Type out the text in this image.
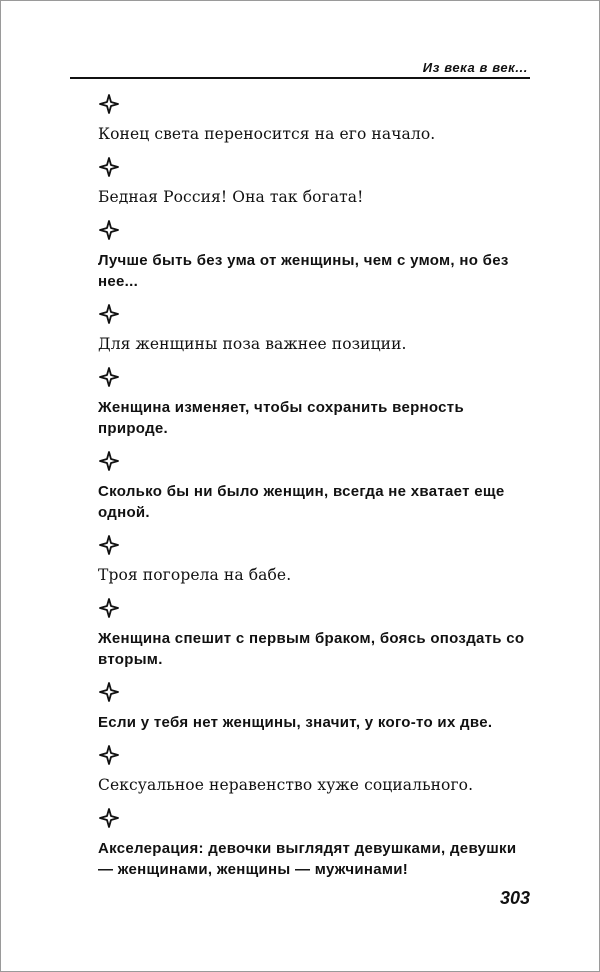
Из века в век...

Конец света переносится на его начало.

Бедная Россия! Она так богата!

Лучше быть без ума от женщины, чем с умом, но без нее...

Для женщины поза важнее позиции.

Женщина изменяет, чтобы сохранить верность природе.

Сколько бы ни было женщин, всегда не хватает еще одной.

Троя погорела на бабе.

Женщина спешит с первым браком, боясь опоздать со вторым.

Если у тебя нет женщины, значит, у кого-то их две.

Сексуальное неравенство хуже социального.

Акселерация: девочки выглядят девушками, девушки — женщинами, женщины — мужчинами!

303
